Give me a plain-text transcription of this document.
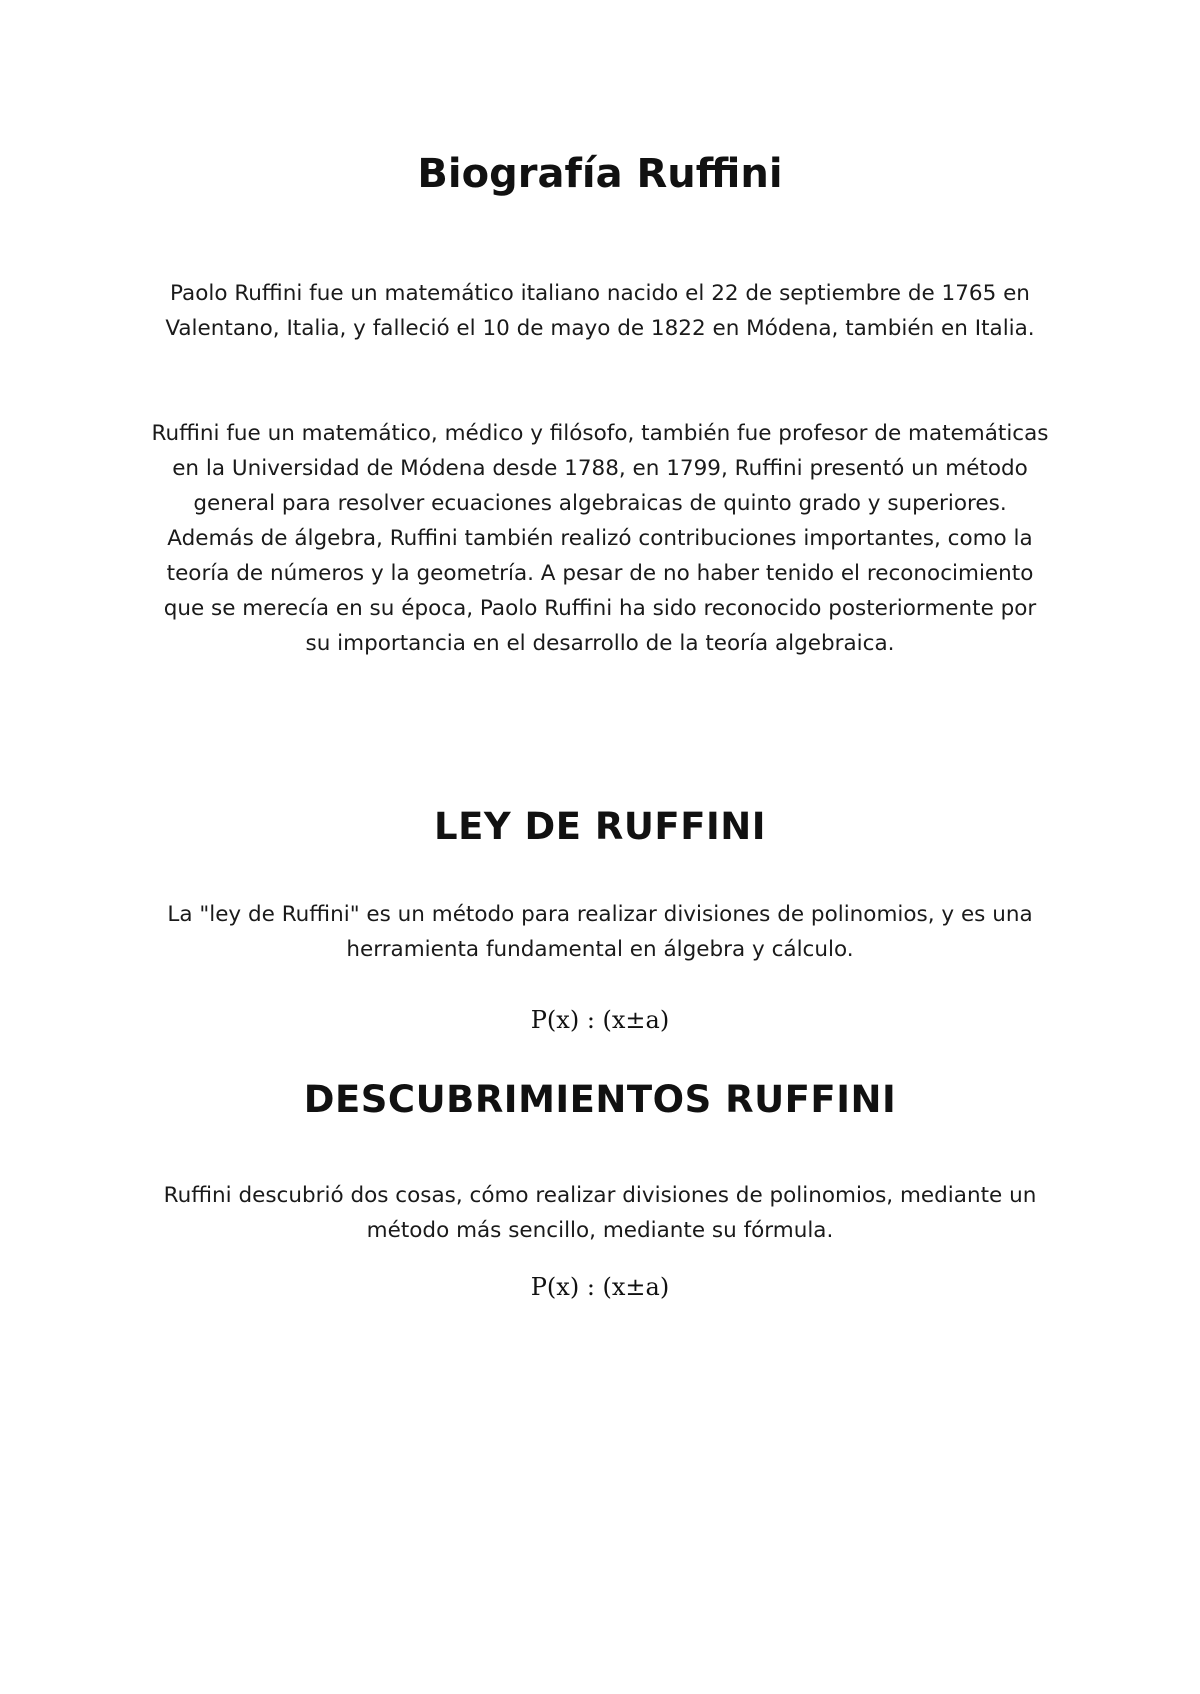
Biografía Ruffini

Paolo Ruffini fue un matemático italiano nacido el 22 de septiembre de 1765 en Valentano, Italia, y falleció el 10 de mayo de 1822 en Módena, también en Italia.

Ruffini fue un matemático, médico y filósofo, también fue profesor de matemáticas en la Universidad de Módena desde 1788, en 1799, Ruffini presentó un método general para resolver ecuaciones algebraicas de quinto grado y superiores. Además de álgebra, Ruffini también realizó contribuciones importantes, como la teoría de números y la geometría. A pesar de no haber tenido el reconocimiento que se merecía en su época, Paolo Ruffini ha sido reconocido posteriormente por su importancia en el desarrollo de la teoría algebraica.

LEY DE RUFFINI

La "ley de Ruffini" es un método para realizar divisiones de polinomios, y es una herramienta fundamental en álgebra y cálculo.

P(x) : (x±a)

DESCUBRIMIENTOS RUFFINI

Ruffini descubrió dos cosas, cómo realizar divisiones de polinomios, mediante un método más sencillo, mediante su fórmula.

P(x) : (x±a)
